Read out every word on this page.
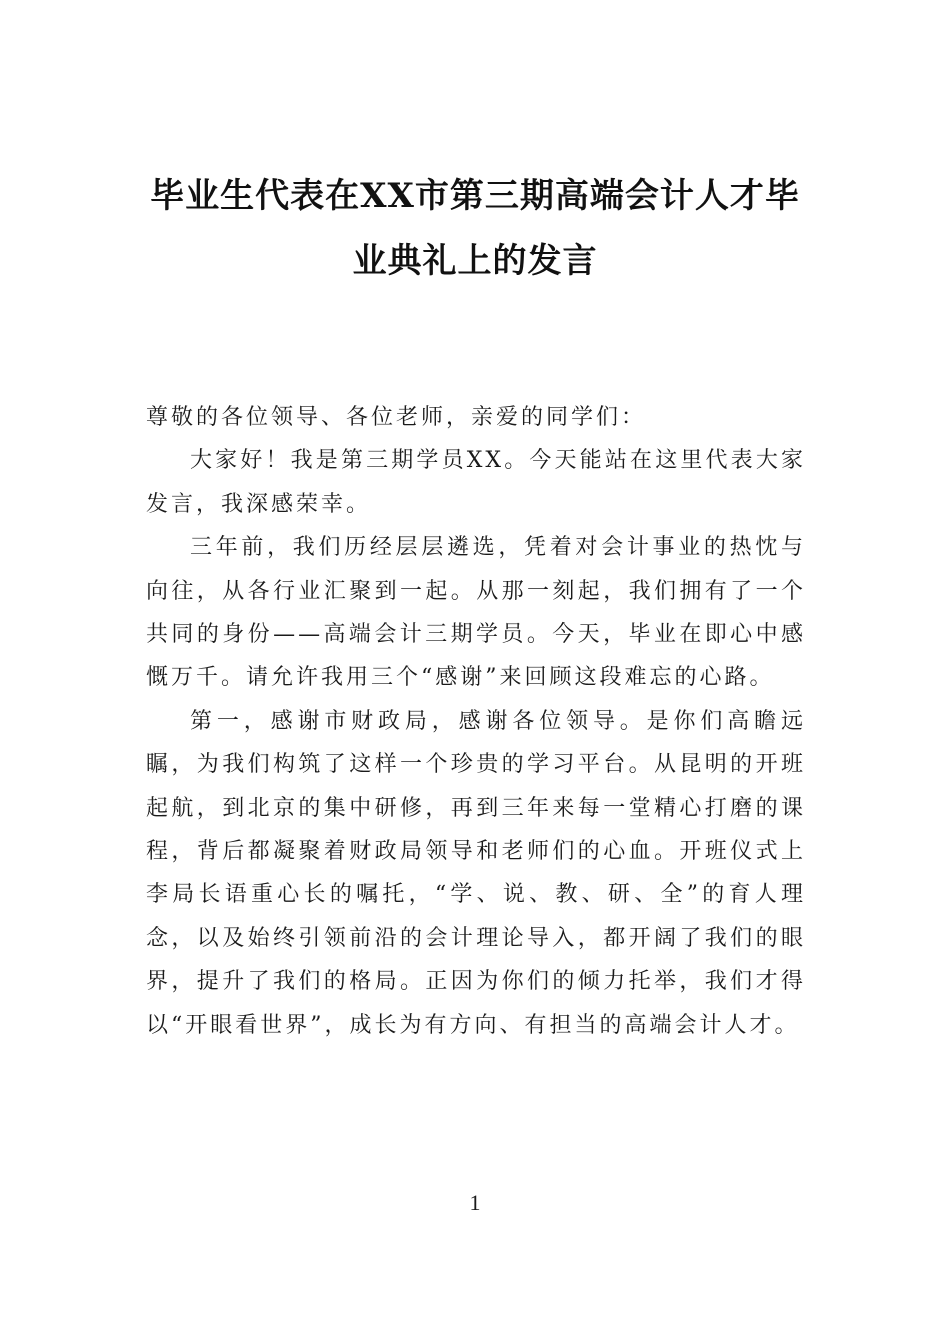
毕业生代表在XX市第三期高端会计人才毕业典礼上的发言

尊敬的各位领导、各位老师，亲爱的同学们：

大家好！我是第三期学员XX。今天能站在这里代表大家发言，我深感荣幸。

三年前，我们历经层层遴选，凭着对会计事业的热忱与向往，从各行业汇聚到一起。从那一刻起，我们拥有了一个共同的身份——高端会计三期学员。今天，毕业在即心中感慨万千。请允许我用三个“感谢”来回顾这段难忘的心路。

第一，感谢市财政局，感谢各位领导。是你们高瞻远瞩，为我们构筑了这样一个珍贵的学习平台。从昆明的开班起航，到北京的集中研修，再到三年来每一堂精心打磨的课程，背后都凝聚着财政局领导和老师们的心血。开班仪式上李局长语重心长的嘱托，“学、说、教、研、全”的育人理念，以及始终引领前沿的会计理论导入，都开阔了我们的眼界，提升了我们的格局。正因为你们的倾力托举，我们才得以“开眼看世界”，成长为有方向、有担当的高端会计人才。

1
